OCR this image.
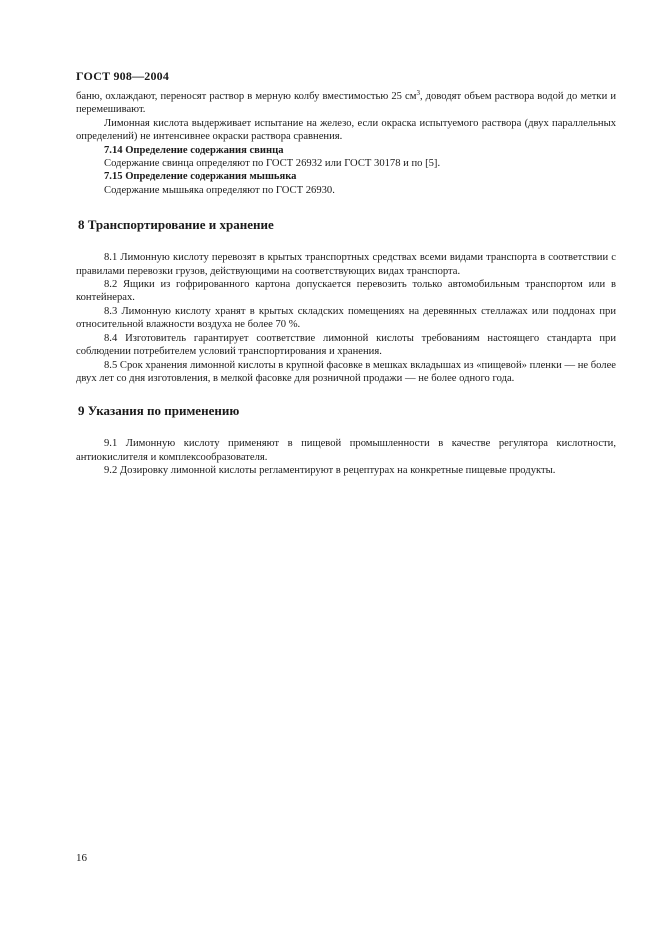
ГОСТ 908—2004

баню, охлаждают, переносят раствор в мерную колбу вместимостью 25 $см^3$, доводят объем раствора водой до метки и перемешивают.

Лимонная кислота выдерживает испытание на железо, если окраска испытуемого раствора (двух параллельных определений) не интенсивнее окраски раствора сравнения.

7.14 Определение содержания свинца

Содержание свинца определяют по ГОСТ 26932 или ГОСТ 30178 и по [5].

7.15 Определение содержания мышьяка

Содержание мышьяка определяют по ГОСТ 26930.

8 Транспортирование и хранение

8.1 Лимонную кислоту перевозят в крытых транспортных средствах всеми видами транспорта в соответствии с правилами перевозки грузов, действующими на соответствующих видах транспорта.

8.2 Ящики из гофрированного картона допускается перевозить только автомобильным транспортом или в контейнерах.

8.3 Лимонную кислоту хранят в крытых складских помещениях на деревянных стеллажах или поддонах при относительной влажности воздуха не более 70 %.

8.4 Изготовитель гарантирует соответствие лимонной кислоты требованиям настоящего стандарта при соблюдении потребителем условий транспортирования и хранения.

8.5 Срок хранения лимонной кислоты в крупной фасовке в мешках вкладышах из «пищевой» пленки — не более двух лет со дня изготовления, в мелкой фасовке для розничной продажи — не более одного года.

9 Указания по применению

9.1 Лимонную кислоту применяют в пищевой промышленности в качестве регулятора кислотности, антиокислителя и комплексообразователя.

9.2 Дозировку лимонной кислоты регламентируют в рецептурах на конкретные пищевые продукты.

16
